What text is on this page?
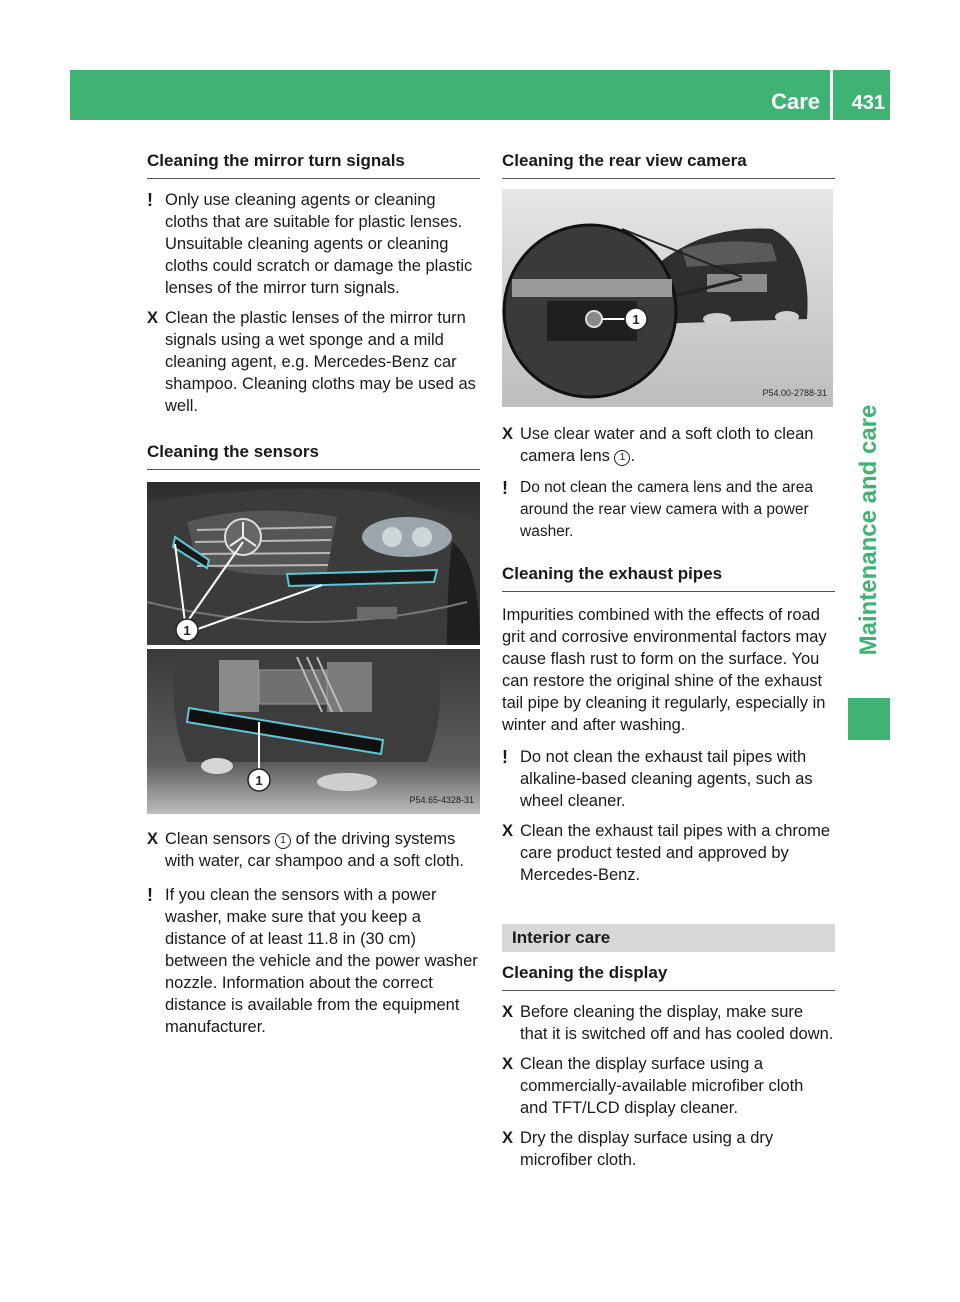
Care 431
Maintenance and care
Cleaning the mirror turn signals

! Only use cleaning agents or cleaning cloths that are suitable for plastic lenses. Unsuitable cleaning agents or cleaning cloths could scratch or damage the plastic lenses of the mirror turn signals.

X Clean the plastic lenses of the mirror turn signals using a wet sponge and a mild cleaning agent, e.g. Mercedes-Benz car shampoo. Cleaning cloths may be used as well.

Cleaning the sensors
1
1
P54.65-4328-31

X Clean sensors 1 of the driving systems with water, car shampoo and a soft cloth.

! If you clean the sensors with a power washer, make sure that you keep a distance of at least 11.8 in (30 cm) between the vehicle and the power washer nozzle. Information about the correct distance is available from the equipment manufacturer.

Cleaning the rear view camera
1
P54.00-2788-31

X Use clear water and a soft cloth to clean camera lens 1 .

! Do not clean the camera lens and the area around the rear view camera with a power washer.

Cleaning the exhaust pipes

Impurities combined with the effects of road grit and corrosive environmental factors may cause flash rust to form on the surface. You can restore the original shine of the exhaust tail pipe by cleaning it regularly, especially in winter and after washing.

! Do not clean the exhaust tail pipes with alkaline-based cleaning agents, such as wheel cleaner.

X Clean the exhaust tail pipes with a chrome care product tested and approved by Mercedes-Benz.

Interior care
Cleaning the display

X Before cleaning the display, make sure that it is switched off and has cooled down.

X Clean the display surface using a commercially-available microfiber cloth and TFT/LCD display cleaner.

X Dry the display surface using a dry microfiber cloth.
